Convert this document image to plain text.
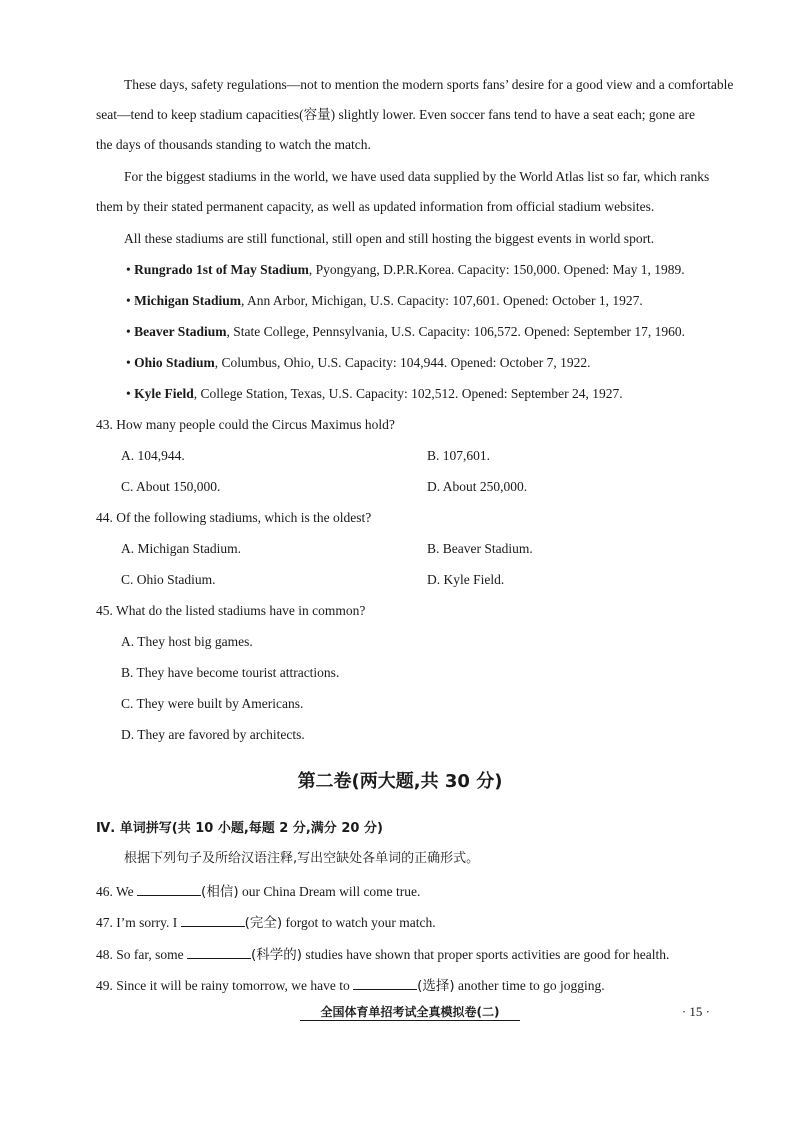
These days, safety regulations—not to mention the modern sports fans’ desire for a good view and a comfortable
seat—tend to keep stadium capacities(容量) slightly lower. Even soccer fans tend to have a seat each; gone are
the days of thousands standing to watch the match.
For the biggest stadiums in the world, we have used data supplied by the World Atlas list so far, which ranks
them by their stated permanent capacity, as well as updated information from official stadium websites.
All these stadiums are still functional, still open and still hosting the biggest events in world sport.
• Rungrado 1st of May Stadium, Pyongyang, D.P.R.Korea. Capacity: 150,000. Opened: May 1, 1989.
• Michigan Stadium, Ann Arbor, Michigan, U.S. Capacity: 107,601. Opened: October 1, 1927.
• Beaver Stadium, State College, Pennsylvania, U.S. Capacity: 106,572. Opened: September 17, 1960.
• Ohio Stadium, Columbus, Ohio, U.S. Capacity: 104,944. Opened: October 7, 1922.
• Kyle Field, College Station, Texas, U.S. Capacity: 102,512. Opened: September 24, 1927.
43. How many people could the Circus Maximus hold?
A. 104,944.	B. 107,601.
C. About 150,000.	D. About 250,000.
44. Of the following stadiums, which is the oldest?
A. Michigan Stadium.	B. Beaver Stadium.
C. Ohio Stadium.	D. Kyle Field.
45. What do the listed stadiums have in common?
A. They host big games.
B. They have become tourist attractions.
C. They were built by Americans.
D. They are favored by architects.
第二卷(两大题,共 30 分)
Ⅳ. 单词拼写(共 10 小题,每题 2 分,满分 20 分)
根据下列句子及所给汉语注释,写出空缺处各单词的正确形式。
46. We	(相信) our China Dream will come true.
47. I’m sorry. I	(完全) forgot to watch your match.
48. So far, some	(科学的) studies have shown that proper sports activities are good for health.
49. Since it will be rainy tomorrow, we have to	(选择) another time to go jogging.
全国体育单招考试全真模拟卷(二)	· 15 ·
